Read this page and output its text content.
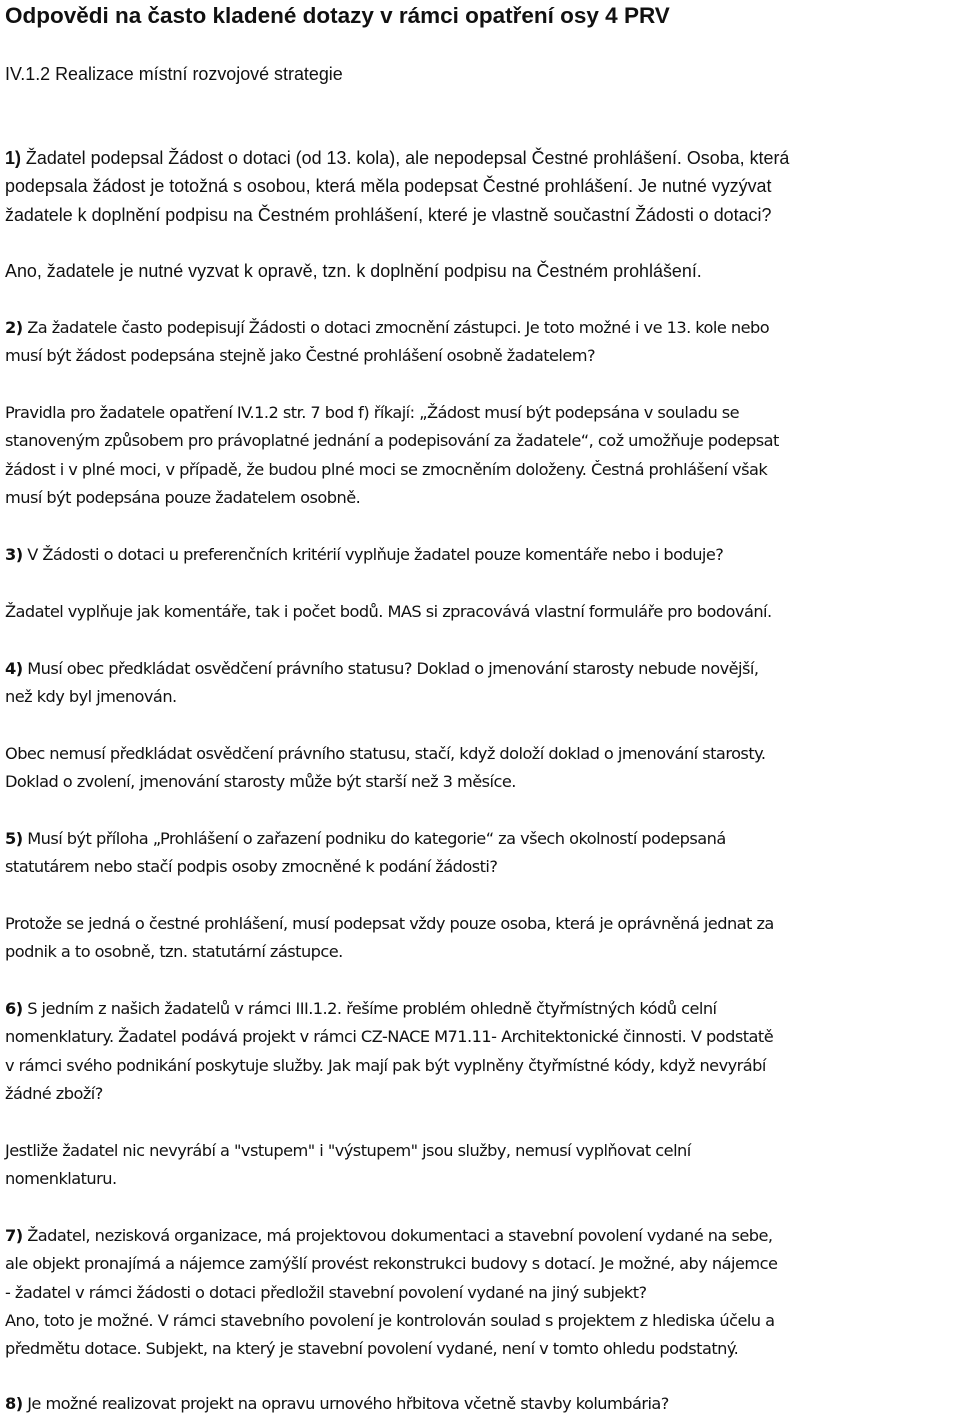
Odpovědi na často kladené dotazy v rámci opatření osy 4 PRV
IV.1.2 Realizace místní rozvojové strategie
1) Žadatel podepsal Žádost o dotaci (od 13. kola), ale nepodepsal Čestné prohlášení. Osoba, která
podepsala žádost je totožná s osobou, která měla podepsat Čestné prohlášení. Je nutné vyzývat
žadatele k doplnění podpisu na Čestném prohlášení, které je vlastně součastní Žádosti o dotaci?
Ano, žadatele je nutné vyzvat k opravě, tzn. k doplnění podpisu na Čestném prohlášení.
2) Za žadatele často podepisují Žádosti o dotaci zmocnění zástupci. Je toto možné i ve 13. kole nebo
musí být žádost podepsána stejně jako Čestné prohlášení osobně žadatelem?
Pravidla pro žadatele opatření IV.1.2 str. 7 bod f) říkají: „Žádost musí být podepsána v souladu se
stanoveným způsobem pro právoplatné jednání a podepisování za žadatele“, což umožňuje podepsat
žádost i v plné moci, v případě, že budou plné moci se zmocněním doloženy. Čestná prohlášení však
musí být podepsána pouze žadatelem osobně.
3) V Žádosti o dotaci u preferenčních kritérií vyplňuje žadatel pouze komentáře nebo i boduje?
Žadatel vyplňuje jak komentáře, tak i počet bodů. MAS si zpracovává vlastní formuláře pro bodování.
4) Musí obec předkládat osvědčení právního statusu? Doklad o jmenování starosty nebude novější,
než kdy byl jmenován.
Obec nemusí předkládat osvědčení právního statusu, stačí, když doloží doklad o jmenování starosty.
Doklad o zvolení, jmenování starosty může být starší než 3 měsíce.
5) Musí být příloha „Prohlášení o zařazení podniku do kategorie“ za všech okolností podepsaná
statutárem nebo stačí podpis osoby zmocněné k podání žádosti?
Protože se jedná o čestné prohlášení, musí podepsat vždy pouze osoba, která je oprávněná jednat za
podnik a to osobně, tzn. statutární zástupce.
6) S jedním z našich žadatelů v rámci III.1.2. řešíme problém ohledně čtyřmístných kódů celní
nomenklatury. Žadatel podává projekt v rámci CZ-NACE M71.11- Architektonické činnosti. V podstatě
v rámci svého podnikání poskytuje služby. Jak mají pak být vyplněny čtyřmístné kódy, když nevyrábí
žádné zboží?
Jestliže žadatel nic nevyrábí a "vstupem" i "výstupem" jsou služby, nemusí vyplňovat celní
nomenklaturu.
7) Žadatel, nezisková organizace, má projektovou dokumentaci a stavební povolení vydané na sebe,
ale objekt pronajímá a nájemce zamýšlí provést rekonstrukci budovy s dotací. Je možné, aby nájemce
- žadatel v rámci žádosti o dotaci předložil stavební povolení vydané na jiný subjekt?
Ano, toto je možné. V rámci stavebního povolení je kontrolován soulad s projektem z hlediska účelu a
předmětu dotace. Subjekt, na který je stavební povolení vydané, není v tomto ohledu podstatný.
8) Je možné realizovat projekt na opravu urnového hřbitova včetně stavby kolumbária?
